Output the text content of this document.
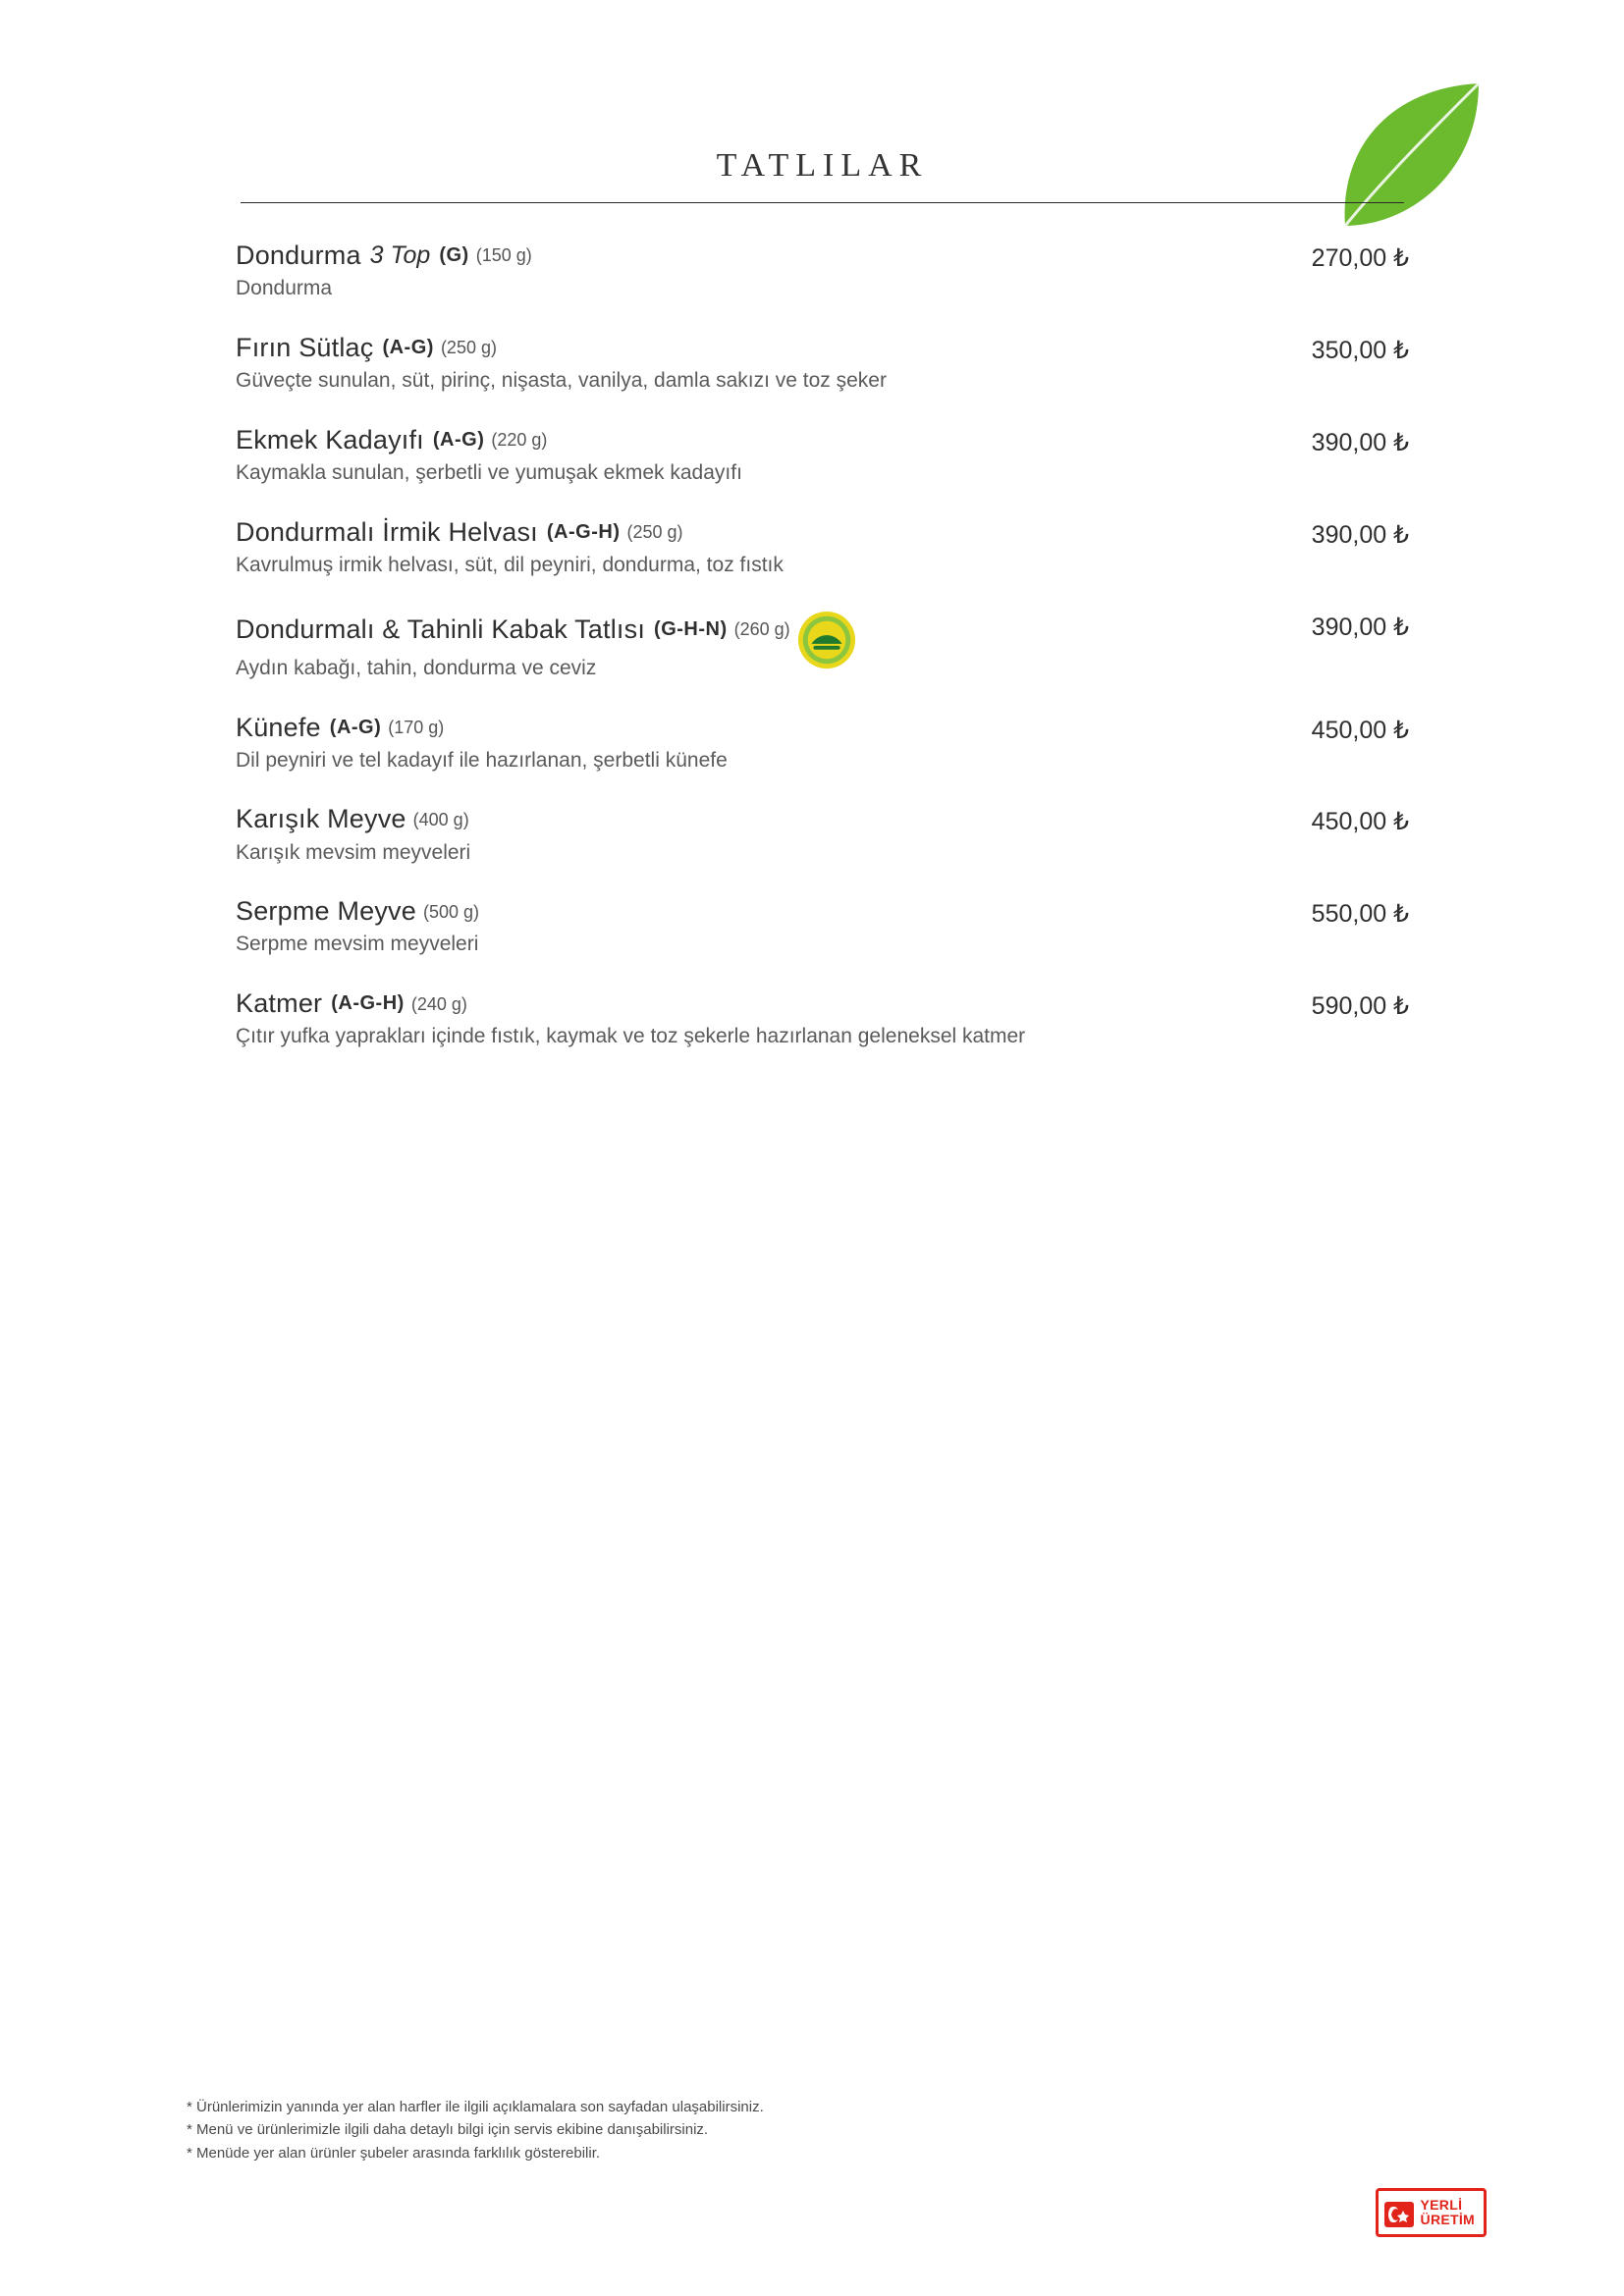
TATLILAR
Dondurma 3 Top (G) (150 g)
Dondurma
270,00 ₺
Fırın Sütlaç (A-G) (250 g)
Güveçte sunulan, süt, pirinç, nişasta, vanilya, damla sakızı ve toz şeker
350,00 ₺
Ekmek Kadayıfı (A-G) (220 g)
Kaymakla sunulan, şerbetli ve yumuşak ekmek kadayıfı
390,00 ₺
Dondurmalı İrmik Helvası (A-G-H) (250 g)
Kavrulmuş irmik helvası, süt, dil peyniri, dondurma, toz fıstık
390,00 ₺
Dondurmalı & Tahinli Kabak Tatlısı (G-H-N) (260 g)
Aydın kabağı, tahin, dondurma ve ceviz
390,00 ₺
Künefe (A-G) (170 g)
Dil peyniri ve tel kadayıf ile hazırlanan, şerbetli künefe
450,00 ₺
Karışık Meyve (400 g)
Karışık mevsim meyveleri
450,00 ₺
Serpme Meyve (500 g)
Serpme mevsim meyveleri
550,00 ₺
Katmer (A-G-H) (240 g)
Çıtır yufka yaprakları içinde fıstık, kaymak ve toz şekerle hazırlanan geleneksel katmer
590,00 ₺
* Ürünlerimizin yanında yer alan harfler ile ilgili açıklamalara son sayfadan ulaşabilirsiniz.
* Menü ve ürünlerimizle ilgili daha detaylı bilgi için servis ekibine danışabilirsiniz.
* Menüde yer alan ürünler şubeler arasında farklılık gösterebilir.
YERLİ
ÜRETİM
